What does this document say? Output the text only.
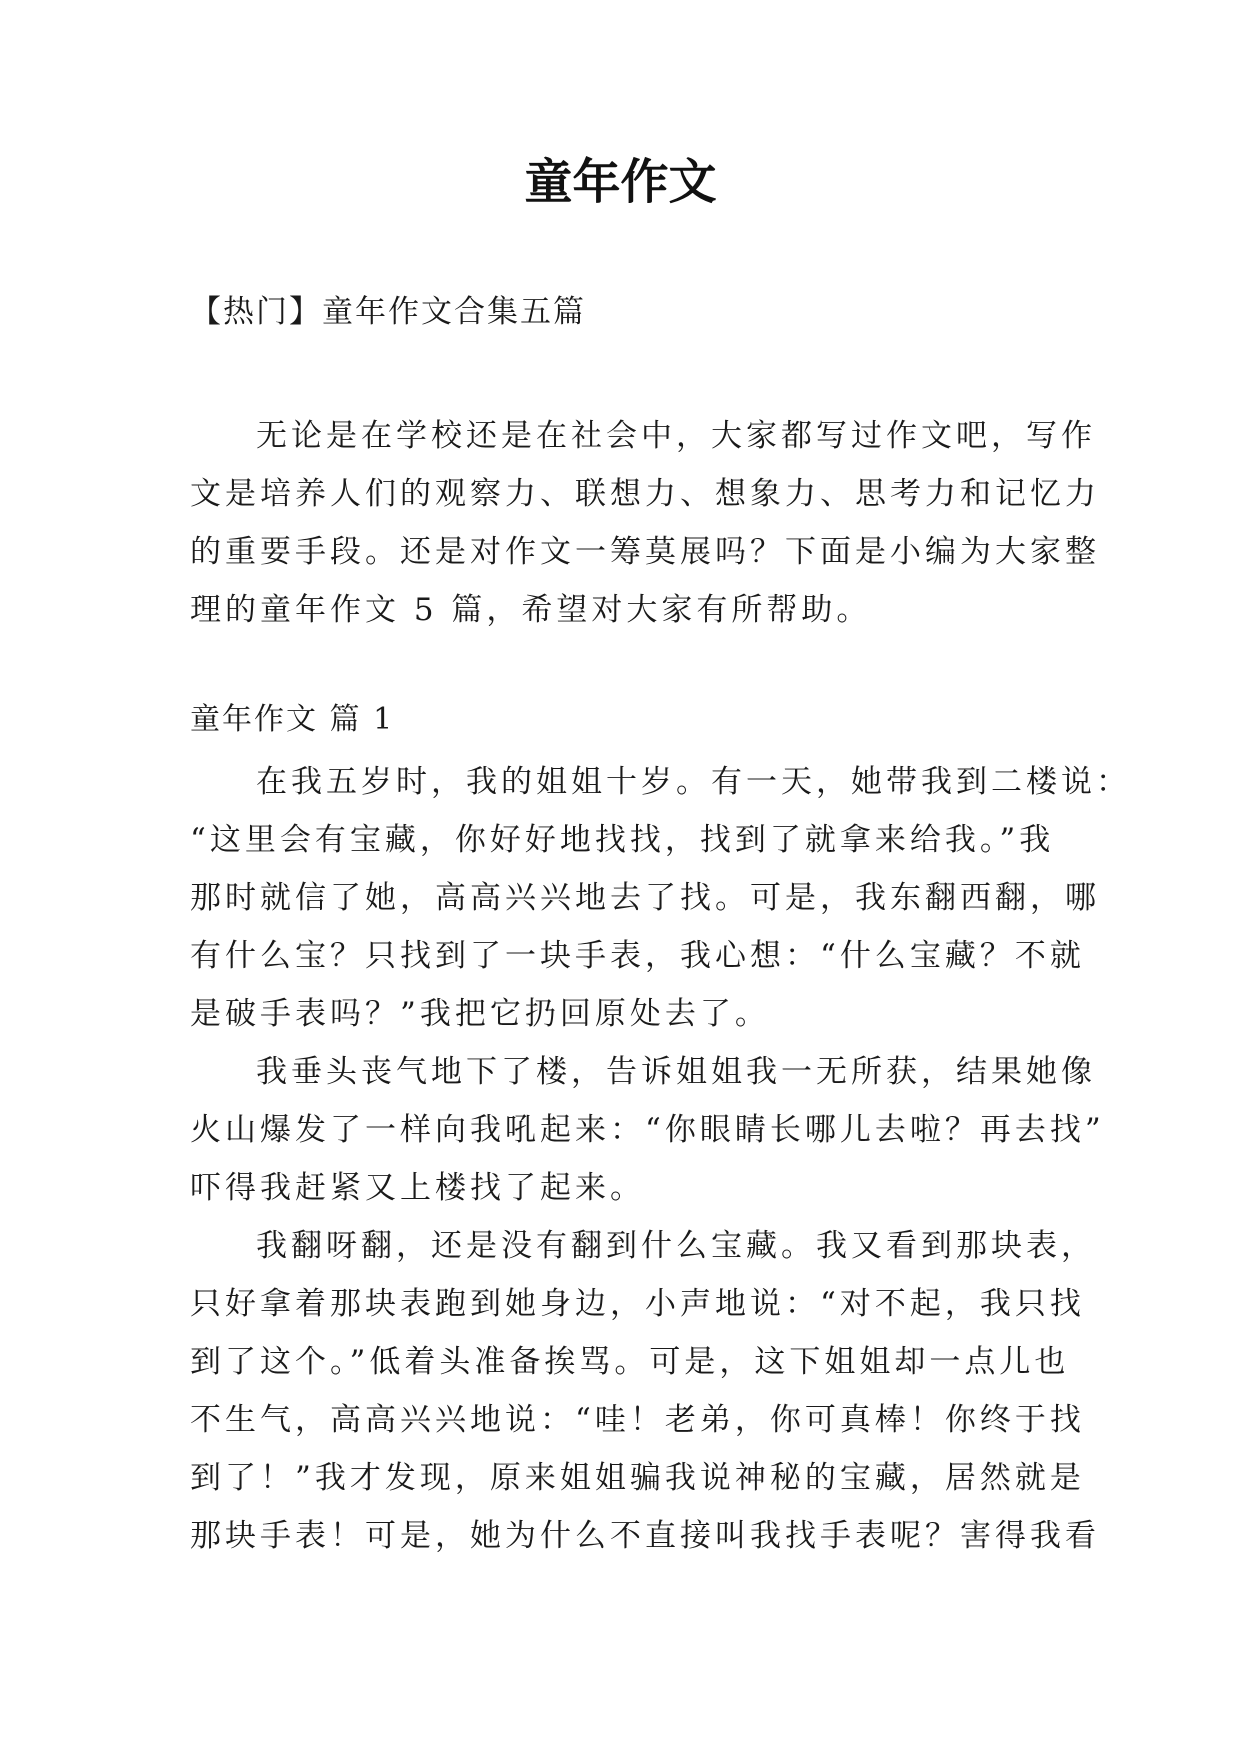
童年作文

【热门】童年作文合集五篇

无论是在学校还是在社会中，大家都写过作文吧，写作
文是培养人们的观察力、联想力、想象力、思考力和记忆力
的重要手段。还是对作文一筹莫展吗？下面是小编为大家整
理的童年作文 5 篇，希望对大家有所帮助。

童年作文 篇 1

在我五岁时，我的姐姐十岁。有一天，她带我到二楼说：
“这里会有宝藏，你好好地找找，找到了就拿来给我。”我
那时就信了她，高高兴兴地去了找。可是，我东翻西翻，哪
有什么宝？只找到了一块手表，我心想：“什么宝藏？不就
是破手表吗？”我把它扔回原处去了。
我垂头丧气地下了楼，告诉姐姐我一无所获，结果她像
火山爆发了一样向我吼起来：“你眼睛长哪儿去啦？再去找”
吓得我赶紧又上楼找了起来。
我翻呀翻，还是没有翻到什么宝藏。我又看到那块表，
只好拿着那块表跑到她身边，小声地说：“对不起，我只找
到了这个。”低着头准备挨骂。可是，这下姐姐却一点儿也
不生气，高高兴兴地说：“哇！老弟，你可真棒！你终于找
到了！”我才发现，原来姐姐骗我说神秘的宝藏，居然就是
那块手表！可是，她为什么不直接叫我找手表呢？害得我看
